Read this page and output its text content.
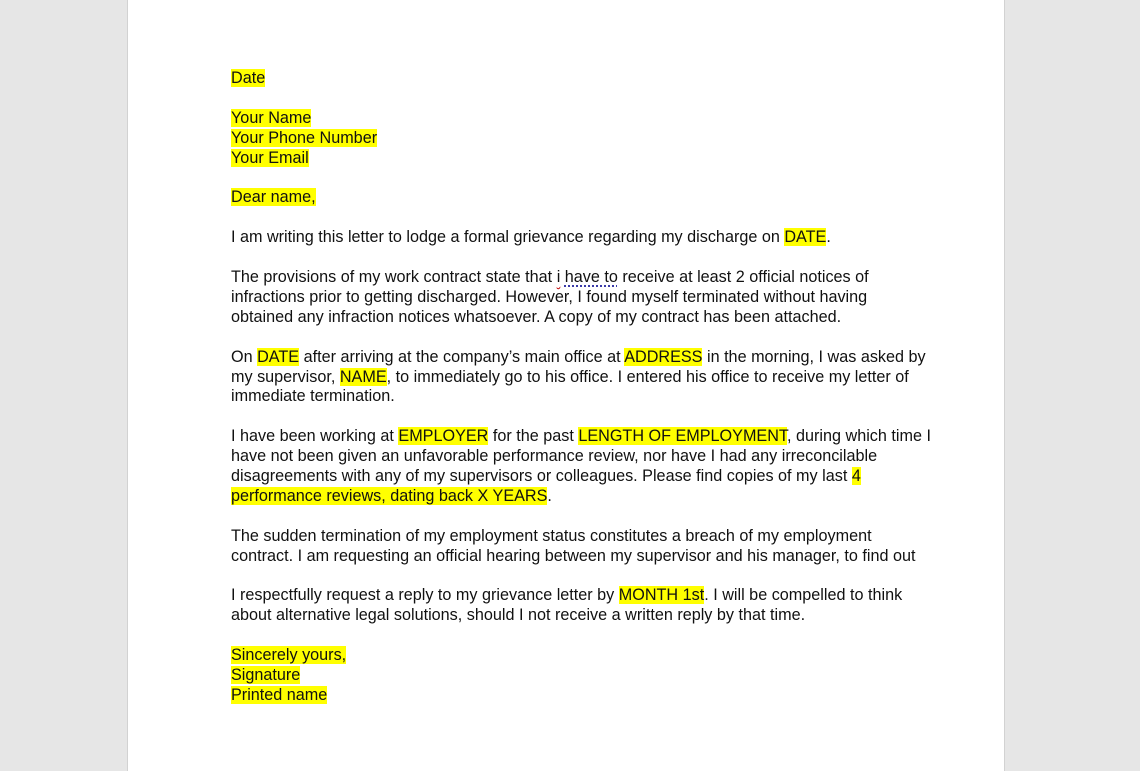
Date

Your Name
Your Phone Number
Your Email

Dear name,

I am writing this letter to lodge a formal grievance regarding my discharge on DATE.

The provisions of my work contract state that i have to receive at least 2 official notices of infractions prior to getting discharged. However, I found myself terminated without having obtained any infraction notices whatsoever. A copy of my contract has been attached.

On DATE after arriving at the company’s main office at ADDRESS in the morning, I was asked by my supervisor, NAME, to immediately go to his office. I entered his office to receive my letter of immediate termination.

I have been working at EMPLOYER for the past LENGTH OF EMPLOYMENT, during which time I have not been given an unfavorable performance review, nor have I had any irreconcilable disagreements with any of my supervisors or colleagues. Please find copies of my last 4 performance reviews, dating back X YEARS.

The sudden termination of my employment status constitutes a breach of my employment contract. I am requesting an official hearing between my supervisor and his manager, to find out

I respectfully request a reply to my grievance letter by MONTH 1st. I will be compelled to think about alternative legal solutions, should I not receive a written reply by that time.

Sincerely yours,
Signature
Printed name
